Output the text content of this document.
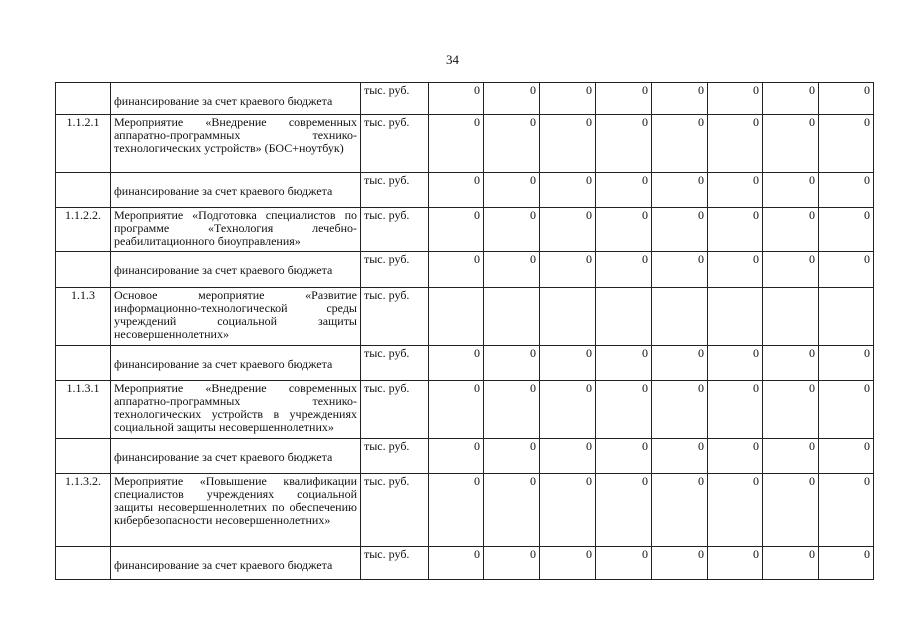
34
	финансирование за счет краевого бюджета	тыс. руб.	0	0	0	0	0	0	0	0
1.1.2.1	Мероприятие «Внедрение современных аппаратно-программных технико-технологических устройств» (БОС+ноутбук)	тыс. руб.	0	0	0	0	0	0	0	0
	финансирование за счет краевого бюджета	тыс. руб.	0	0	0	0	0	0	0	0
1.1.2.2.	Мероприятие «Подготовка специалистов по программе «Технология лечебно-реабилитационного биоуправления»	тыс. руб.	0	0	0	0	0	0	0	0
	финансирование за счет краевого бюджета	тыс. руб.	0	0	0	0	0	0	0	0
1.1.3	Основое мероприятие «Развитие информационно-технологической среды учреждений социальной защиты несовершеннолетних»	тыс. руб.								
	финансирование за счет краевого бюджета	тыс. руб.	0	0	0	0	0	0	0	0
1.1.3.1	Мероприятие «Внедрение современных аппаратно-программных технико-технологических устройств в учреждениях социальной защиты несовершеннолетних»	тыс. руб.	0	0	0	0	0	0	0	0
	финансирование за счет краевого бюджета	тыс. руб.	0	0	0	0	0	0	0	0
1.1.3.2.	Мероприятие «Повышение квалификации специалистов учреждениях социальной защиты несовершеннолетних по обеспечению кибербезопасности несовершеннолетних»	тыс. руб.	0	0	0	0	0	0	0	0
	финансирование за счет краевого бюджета	тыс. руб.	0	0	0	0	0	0	0	0
